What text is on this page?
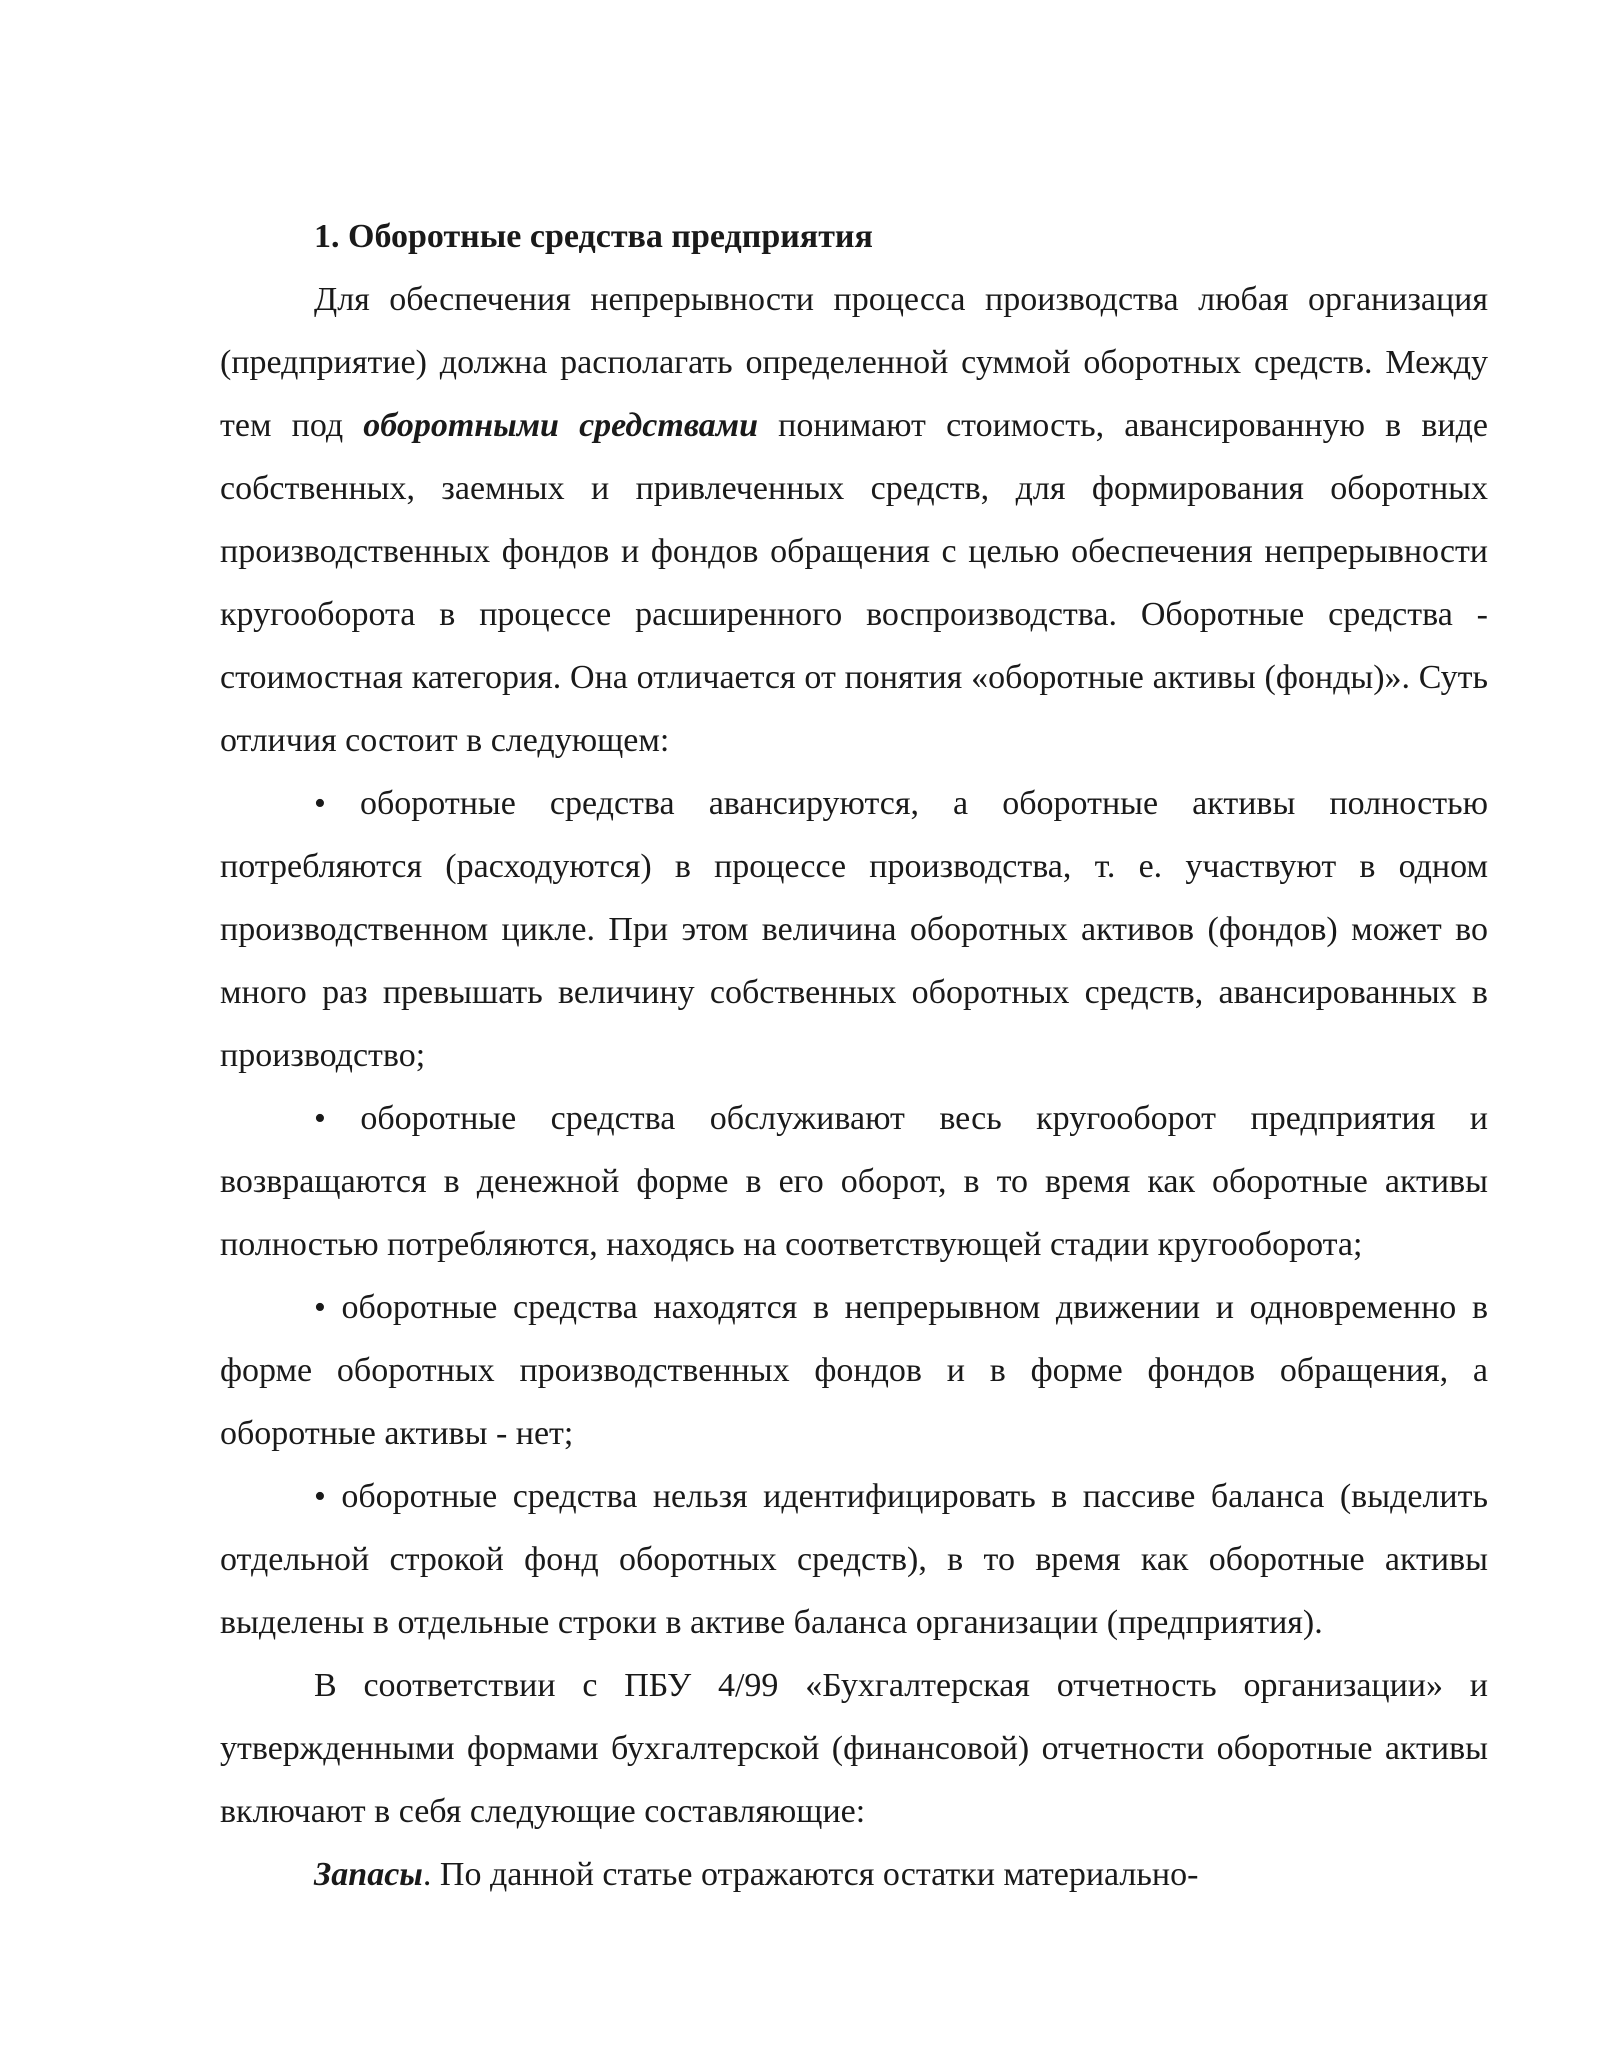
1. Оборотные средства предприятия

Для обеспечения непрерывности процесса производства любая организация (предприятие) должна располагать определенной суммой оборотных средств. Между тем под оборотными средствами понимают стоимость, авансированную в виде собственных, заемных и привлеченных средств, для формирования оборотных производственных фондов и фондов обращения с целью обеспечения непрерывности кругооборота в процессе расширенного воспроизводства. Оборотные средства - стоимостная категория. Она отличается от понятия «оборотные активы (фонды)». Суть отличия состоит в следующем:

• оборотные средства авансируются, а оборотные активы полностью потребляются (расходуются) в процессе производства, т. е. участвуют в одном производственном цикле. При этом величина оборотных активов (фондов) может во много раз превышать величину собственных оборотных средств, авансированных в производство;

• оборотные средства обслуживают весь кругооборот предприятия и возвращаются в денежной форме в его оборот, в то время как оборотные активы полностью потребляются, находясь на соответствующей стадии кругооборота;

• оборотные средства находятся в непрерывном движении и одновременно в форме оборотных производственных фондов и в форме фондов обращения, а оборотные активы - нет;

• оборотные средства нельзя идентифицировать в пассиве баланса (выделить отдельной строкой фонд оборотных средств), в то время как оборотные активы выделены в отдельные строки в активе баланса организации (предприятия).

В соответствии с ПБУ 4/99 «Бухгалтерская отчетность организации» и утвержденными формами бухгалтерской (финансовой) отчетности оборотные активы включают в себя следующие составляющие:

Запасы. По данной статье отражаются остатки материально-
